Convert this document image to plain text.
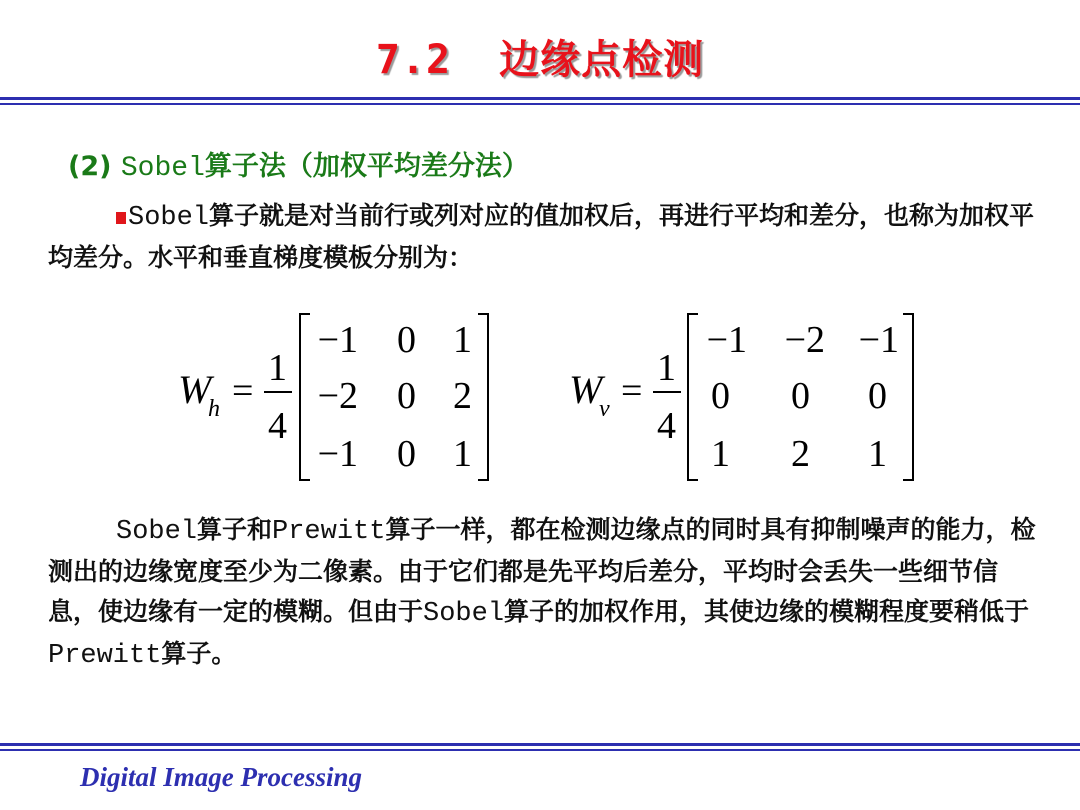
7.2 边缘点检测
(2) Sobel算子法（加权平均差分法）
Sobel算子就是对当前行或列对应的值加权后，再进行平均和差分，也称为加权平均差分。水平和垂直梯度模板分别为：
W
h =
1
4
−1 0 1
−2 0 2
−1 0 1
W
v =
1
4
−1 −2 −1
0 0 0
1 2 1
Sobel算子和Prewitt算子一样，都在检测边缘点的同时具有抑制噪声的能力，检测出的边缘宽度至少为二像素。由于它们都是先平均后差分，平均时会丢失一些细节信息，使边缘有一定的模糊。但由于Sobel算子的加权作用，其使边缘的模糊程度要稍低于Prewitt算子。
Digital Image Processing
